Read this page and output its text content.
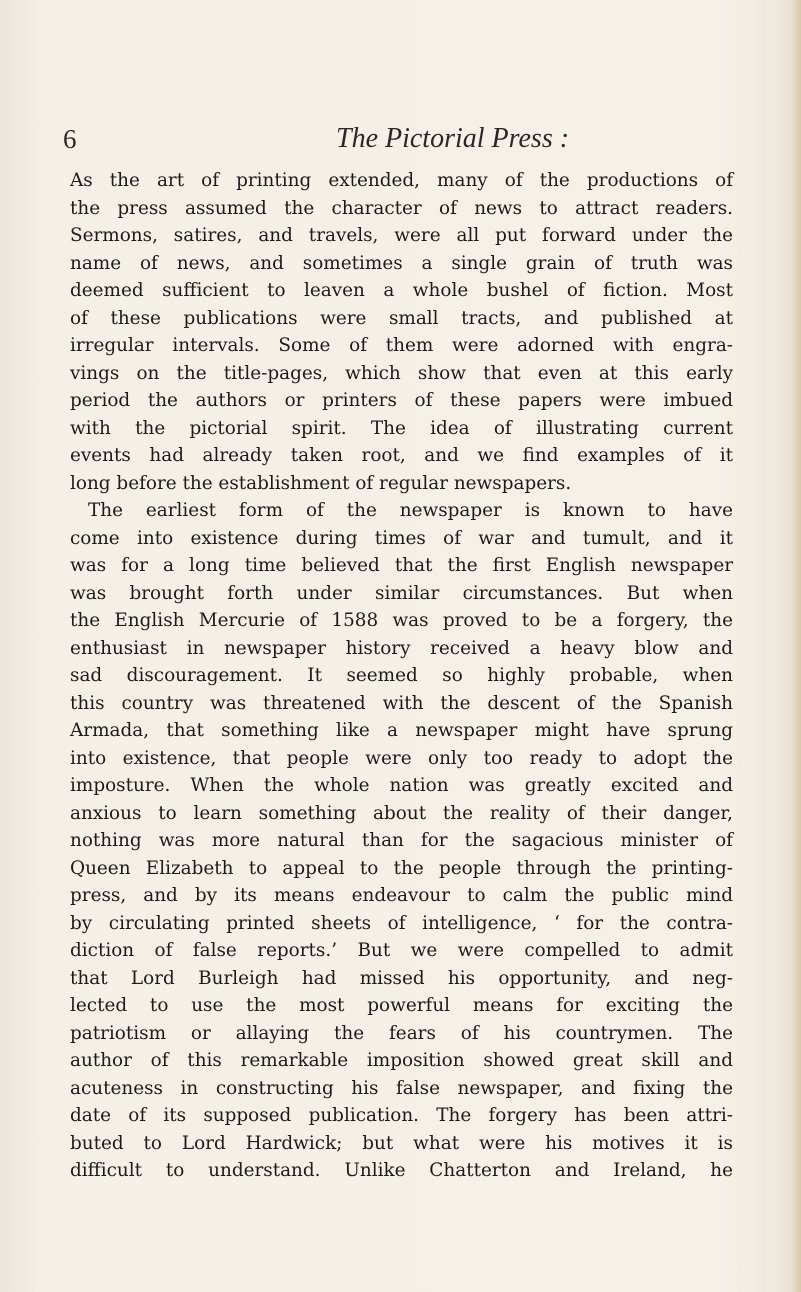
6	The Pictorial Press :
As the art of printing extended, many of the productions of
the press assumed the character of news to attract readers.
Sermons, satires, and travels, were all put forward under the
name of news, and sometimes a single grain of truth was
deemed sufficient to leaven a whole bushel of fiction. Most
of these publications were small tracts, and published at
irregular intervals. Some of them were adorned with engra-
vings on the title-pages, which show that even at this early
period the authors or printers of these papers were imbued
with the pictorial spirit. The idea of illustrating current
events had already taken root, and we find examples of it
long before the establishment of regular newspapers.
The earliest form of the newspaper is known to have
come into existence during times of war and tumult, and it
was for a long time believed that the first English newspaper
was brought forth under similar circumstances. But when
the English Mercurie of 1588 was proved to be a forgery, the
enthusiast in newspaper history received a heavy blow and
sad discouragement. It seemed so highly probable, when
this country was threatened with the descent of the Spanish
Armada, that something like a newspaper might have sprung
into existence, that people were only too ready to adopt the
imposture. When the whole nation was greatly excited and
anxious to learn something about the reality of their danger,
nothing was more natural than for the sagacious minister of
Queen Elizabeth to appeal to the people through the printing-
press, and by its means endeavour to calm the public mind
by circulating printed sheets of intelligence, ‘ for the contra-
diction of false reports.’ But we were compelled to admit
that Lord Burleigh had missed his opportunity, and neg-
lected to use the most powerful means for exciting the
patriotism or allaying the fears of his countrymen. The
author of this remarkable imposition showed great skill and
acuteness in constructing his false newspaper, and fixing the
date of its supposed publication. The forgery has been attri-
buted to Lord Hardwick; but what were his motives it is
difficult to understand. Unlike Chatterton and Ireland, he
